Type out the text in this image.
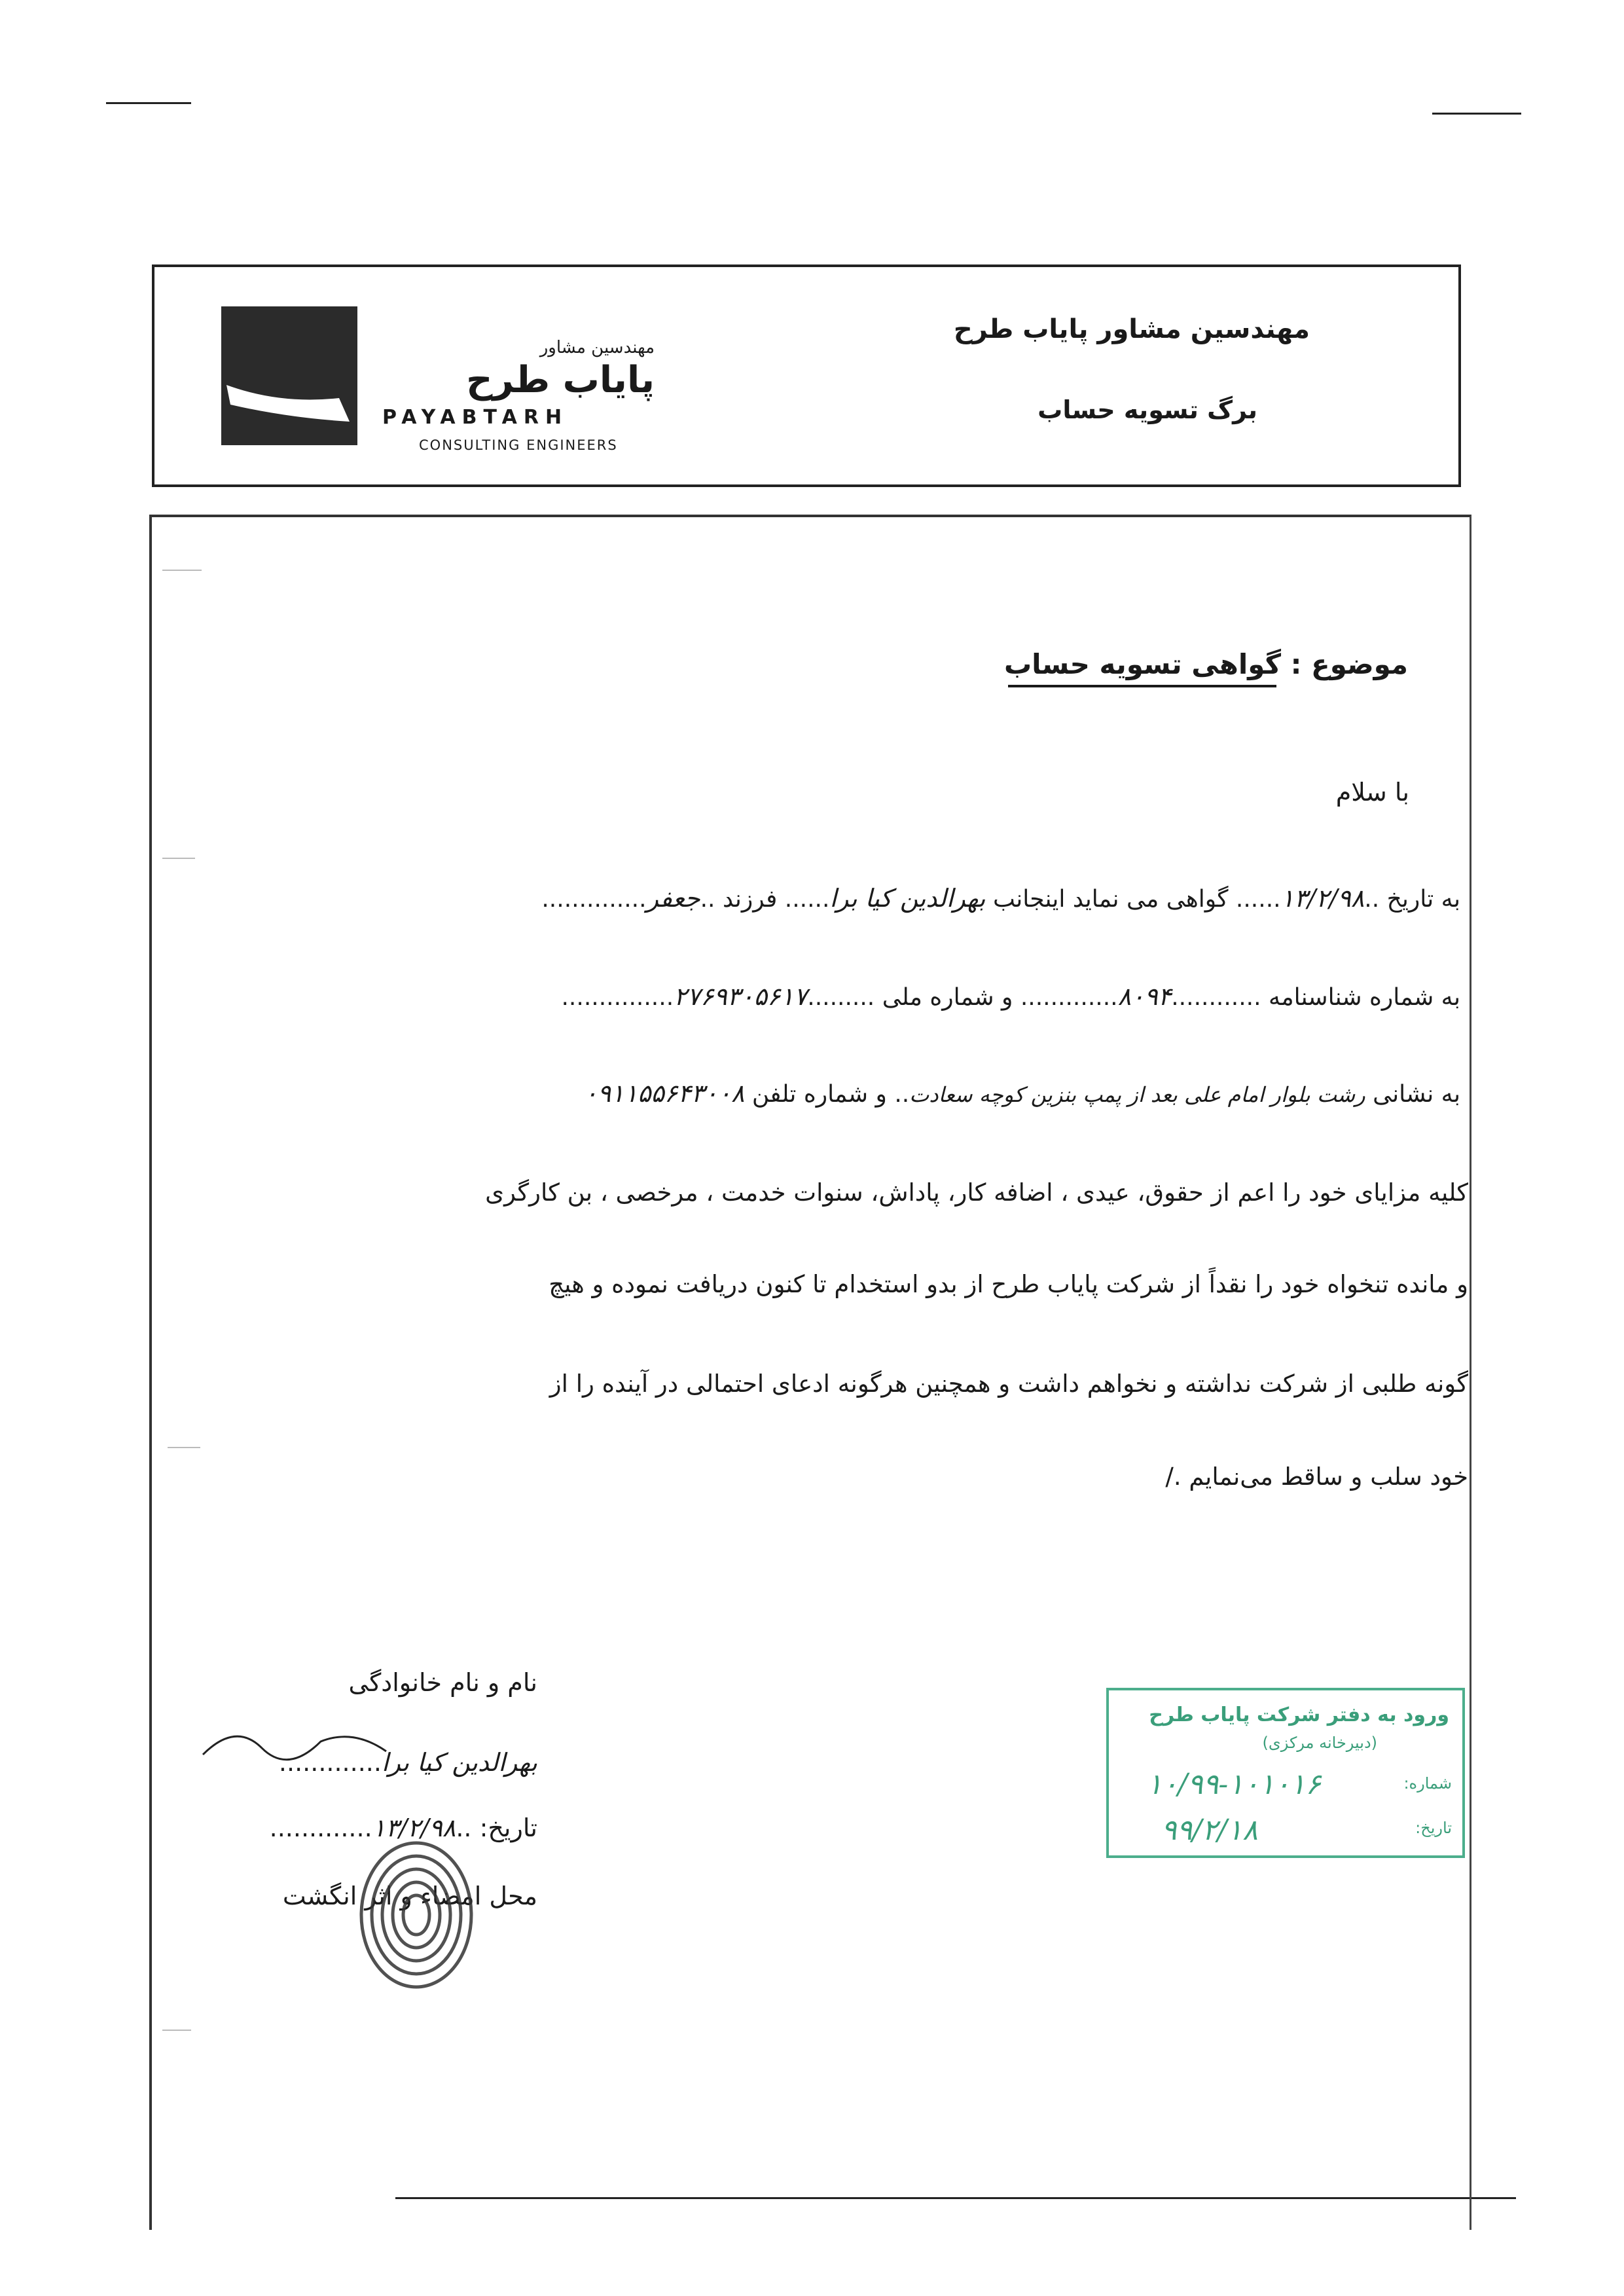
مهندسین مشاور
پایاب طرح
PAYABTARH
CONSULTING ENGINEERS
مهندسین مشاور پایاب طرح
برگ تسویه حساب
موضوع : گواهی تسویه حساب
با سلام
به تاریخ ..۱۳/۲/۹۸...... گواهی می نماید اینجانب بهرالدین کیا برا...... فرزند ..جعفر..............
به شماره شناسنامه ............۸۰۹۴............. و شماره ملی .........۲۷۶۹۳۰۵۶۱۷...............
به نشانی رشت بلوار امام علی بعد از پمپ بنزین کوچه سعادت.. و شماره تلفن ۰۹۱۱۵۵۶۴۳۰۰۸
کلیه مزایای خود را اعم از حقوق، عیدی ، اضافه کار، پاداش، سنوات خدمت ، مرخصی ، بن کارگری
و مانده تنخواه خود را نقداً از شرکت پایاب طرح از بدو استخدام تا کنون دریافت نموده و هیچ
گونه طلبی از شرکت نداشته و نخواهم داشت و همچنین هرگونه ادعای احتمالی در آینده را از
خود سلب و ساقط می‌نمایم ./
نام و نام خانوادگی
بهرالدین کیا برا.............
تاریخ: ..۱۳/۲/۹۸.............
محل امضاء و اثر انگشت
ورود به دفتر شرکت پایاب طرح
(دبیرخانه مرکزی)
شماره:
۱۰/۹۹-۱۰۱۰۱۶
تاریخ:
۹۹/۲/۱۸
